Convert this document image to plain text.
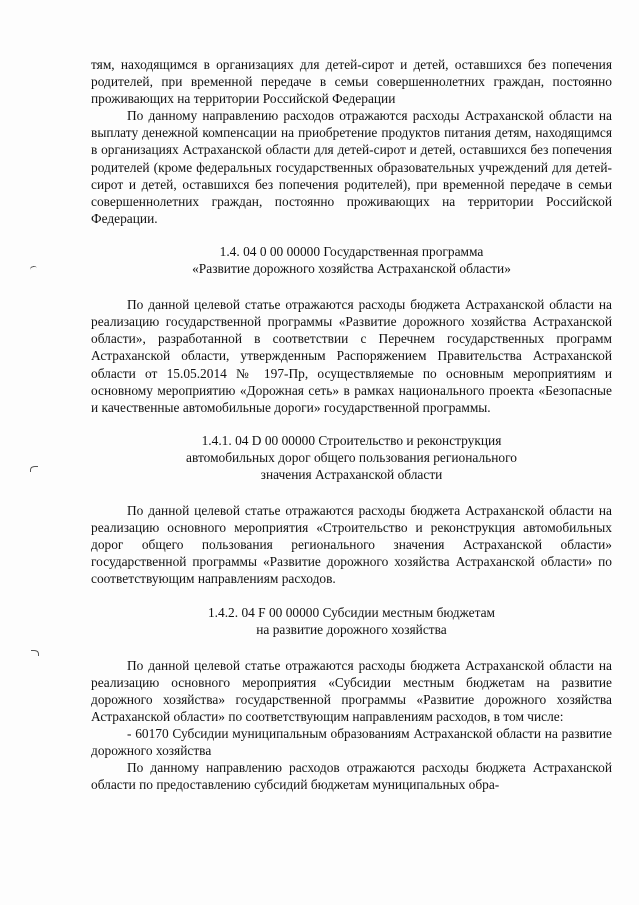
тям, находящимся в организациях для детей-сирот и детей, оставшихся без попечения родителей, при временной передаче в семьи совершеннолетних граждан, постоянно проживающих на территории Российской Федерации

По данному направлению расходов отражаются расходы Астраханской области на выплату денежной компенсации на приобретение продуктов питания детям, находящимся в организациях Астраханской области для детей-сирот и детей, оставшихся без попечения родителей (кроме федеральных государственных образовательных учреждений для детей-сирот и детей, оставшихся без попечения родителей), при временной передаче в семьи совершеннолетних граждан, постоянно проживающих на территории Российской Федерации.

1.4. 04 0 00 00000 Государственная программа
«Развитие дорожного хозяйства Астраханской области»

По данной целевой статье отражаются расходы бюджета Астраханской области на реализацию государственной программы «Развитие дорожного хозяйства Астраханской области», разработанной в соответствии с Перечнем государственных программ Астраханской области, утвержденным Распоряжением Правительства Астраханской области от 15.05.2014 № 197-Пр, осуществляемые по основным мероприятиям и основному мероприятию «Дорожная сеть» в рамках национального проекта «Безопасные и качественные автомобильные дороги» государственной программы.

1.4.1. 04 D 00 00000 Строительство и реконструкция
автомобильных дорог общего пользования регионального
значения Астраханской области

По данной целевой статье отражаются расходы бюджета Астраханской области на реализацию основного мероприятия «Строительство и реконструкция автомобильных дорог общего пользования регионального значения Астраханской области» государственной программы «Развитие дорожного хозяйства Астраханской области» по соответствующим направлениям расходов.

1.4.2. 04 F 00 00000 Субсидии местным бюджетам
на развитие дорожного хозяйства

По данной целевой статье отражаются расходы бюджета Астраханской области на реализацию основного мероприятия «Субсидии местным бюджетам на развитие дорожного хозяйства» государственной программы «Развитие дорожного хозяйства Астраханской области» по соответствующим направлениям расходов, в том числе:

- 60170 Субсидии муниципальным образованиям Астраханской области на развитие дорожного хозяйства

По данному направлению расходов отражаются расходы бюджета Астраханской области по предоставлению субсидий бюджетам муниципальных обра-
